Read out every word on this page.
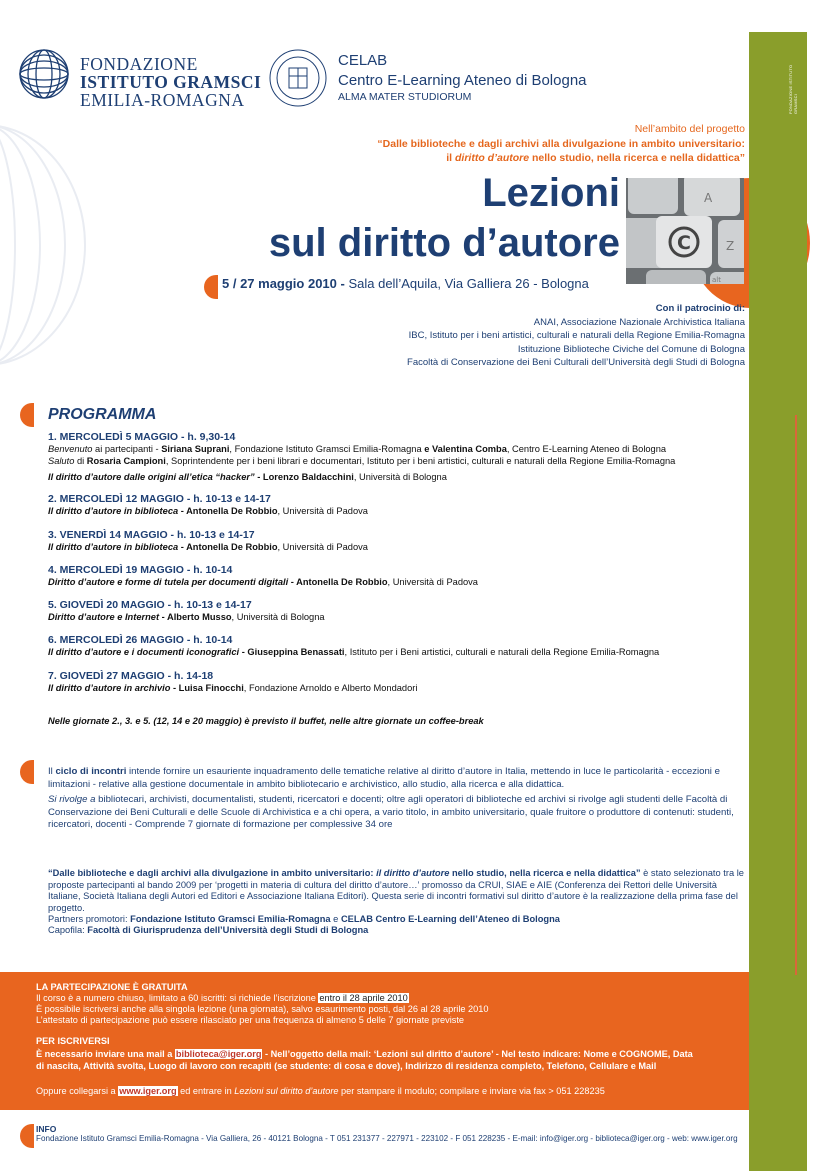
FONDAZIONE ISTITUTO GRAMSCI
FONDAZIONE
ISTITUTO GRAMSCI
EMILIA-ROMAGNA
CELAB
Centro E-Learning Ateneo di Bologna
ALMA MATER STUDIORUM
Nell’ambito del progetto
“Dalle biblioteche e dagli archivi alla divulgazione in ambito universitario:
il diritto d’autore nello studio, nella ricerca e nella didattica”
Lezioni
sul diritto d’autore
A
Z
C
alt
5 / 27 maggio 2010 - Sala dell’Aquila, Via Galliera 26 - Bologna
Con il patrocinio di:
ANAI, Associazione Nazionale Archivistica Italiana
IBC, Istituto per i beni artistici, culturali e naturali della Regione Emilia-Romagna
Istituzione Biblioteche Civiche del Comune di Bologna
Facoltà di Conservazione dei Beni Culturali dell’Università degli Studi di Bologna
PROGRAMMA
1. MERCOLEDÌ 5 MAGGIO - h. 9,30-14
Benvenuto ai partecipanti - Siriana Suprani, Fondazione Istituto Gramsci Emilia-Romagna e Valentina Comba, Centro E-Learning Ateneo di Bologna
Saluto di Rosaria Campioni, Soprintendente per i beni librari e documentari, Istituto per i beni artistici, culturali e naturali della Regione Emilia-Romagna
Il diritto d’autore dalle origini all’etica “hacker” - Lorenzo Baldacchini, Università di Bologna
2. MERCOLEDÌ 12 MAGGIO - h. 10-13 e 14-17
Il diritto d’autore in biblioteca - Antonella De Robbio, Università di Padova
3. VENERDÌ 14 MAGGIO - h. 10-13 e 14-17
Il diritto d’autore in biblioteca - Antonella De Robbio, Università di Padova
4. MERCOLEDÌ 19 MAGGIO - h. 10-14
Diritto d’autore e forme di tutela per documenti digitali - Antonella De Robbio, Università di Padova
5. GIOVEDÌ 20 MAGGIO - h. 10-13 e 14-17
Diritto d’autore e Internet - Alberto Musso, Università di Bologna
6. MERCOLEDÌ 26 MAGGIO - h. 10-14
Il diritto d’autore e i documenti iconografici - Giuseppina Benassati, Istituto per i Beni artistici, culturali e naturali della Regione Emilia-Romagna
7. GIOVEDÌ 27 MAGGIO - h. 14-18
Il diritto d’autore in archivio - Luisa Finocchi, Fondazione Arnoldo e Alberto Mondadori
Nelle giornate 2., 3. e 5. (12, 14 e 20 maggio) è previsto il buffet, nelle altre giornate un coffee-break
Il ciclo di incontri intende fornire un esauriente inquadramento delle tematiche relative al diritto d’autore in Italia, mettendo in luce le particolarità - eccezioni e limitazioni - relative alla gestione documentale in ambito bibliotecario e archivistico, allo studio, alla ricerca e alla didattica.
Si rivolge a bibliotecari, archivisti, documentalisti, studenti, ricercatori e docenti; oltre agli operatori di biblioteche ed archivi si rivolge agli studenti delle Facoltà di Conservazione dei Beni Culturali e delle Scuole di Archivistica e a chi opera, a vario titolo, in ambito universitario, quale fruitore o produttore di contenuti: studenti, ricercatori, docenti - Comprende 7 giornate di formazione per complessive 34 ore
“Dalle biblioteche e dagli archivi alla divulgazione in ambito universitario: il diritto d’autore nello studio, nella ricerca e nella didattica” è stato selezionato tra le proposte partecipanti al bando 2009 per ‘progetti in materia di cultura del diritto d’autore…’ promosso da CRUI, SIAE e AIE (Conferenza dei Rettori delle Università Italiane, Società Italiana degli Autori ed Editori e Associazione Italiana Editori). Questa serie di incontri formativi sul diritto d’autore è la realizzazione della prima fase del progetto.
Partners promotori: Fondazione Istituto Gramsci Emilia-Romagna e CELAB Centro E-Learning dell’Ateneo di Bologna
Capofila: Facoltà di Giurisprudenza dell’Università degli Studi di Bologna
LA PARTECIPAZIONE È GRATUITA
Il corso è a numero chiuso, limitato a 60 iscritti: si richiede l’iscrizione entro il 28 aprile 2010
È possibile iscriversi anche alla singola lezione (una giornata), salvo esaurimento posti, dal 26 al 28 aprile 2010
L’attestato di partecipazione può essere rilasciato per una frequenza di almeno 5 delle 7 giornate previste
PER ISCRIVERSI
È necessario inviare una mail a biblioteca@iger.org - Nell’oggetto della mail: ‘Lezioni sul diritto d’autore’ - Nel testo indicare: Nome e COGNOME, Data
di nascita, Attività svolta, Luogo di lavoro con recapiti (se studente: di cosa e dove), Indirizzo di residenza completo, Telefono, Cellulare e Mail
Oppure collegarsi a www.iger.org ed entrare in Lezioni sul diritto d’autore per stampare il modulo; compilare e inviare via fax > 051 228235
INFO
Fondazione Istituto Gramsci Emilia-Romagna - Via Galliera, 26 - 40121 Bologna - T 051 231377 - 227971 - 223102 - F 051 228235 - E-mail: info@iger.org - biblioteca@iger.org - web: www.iger.org
